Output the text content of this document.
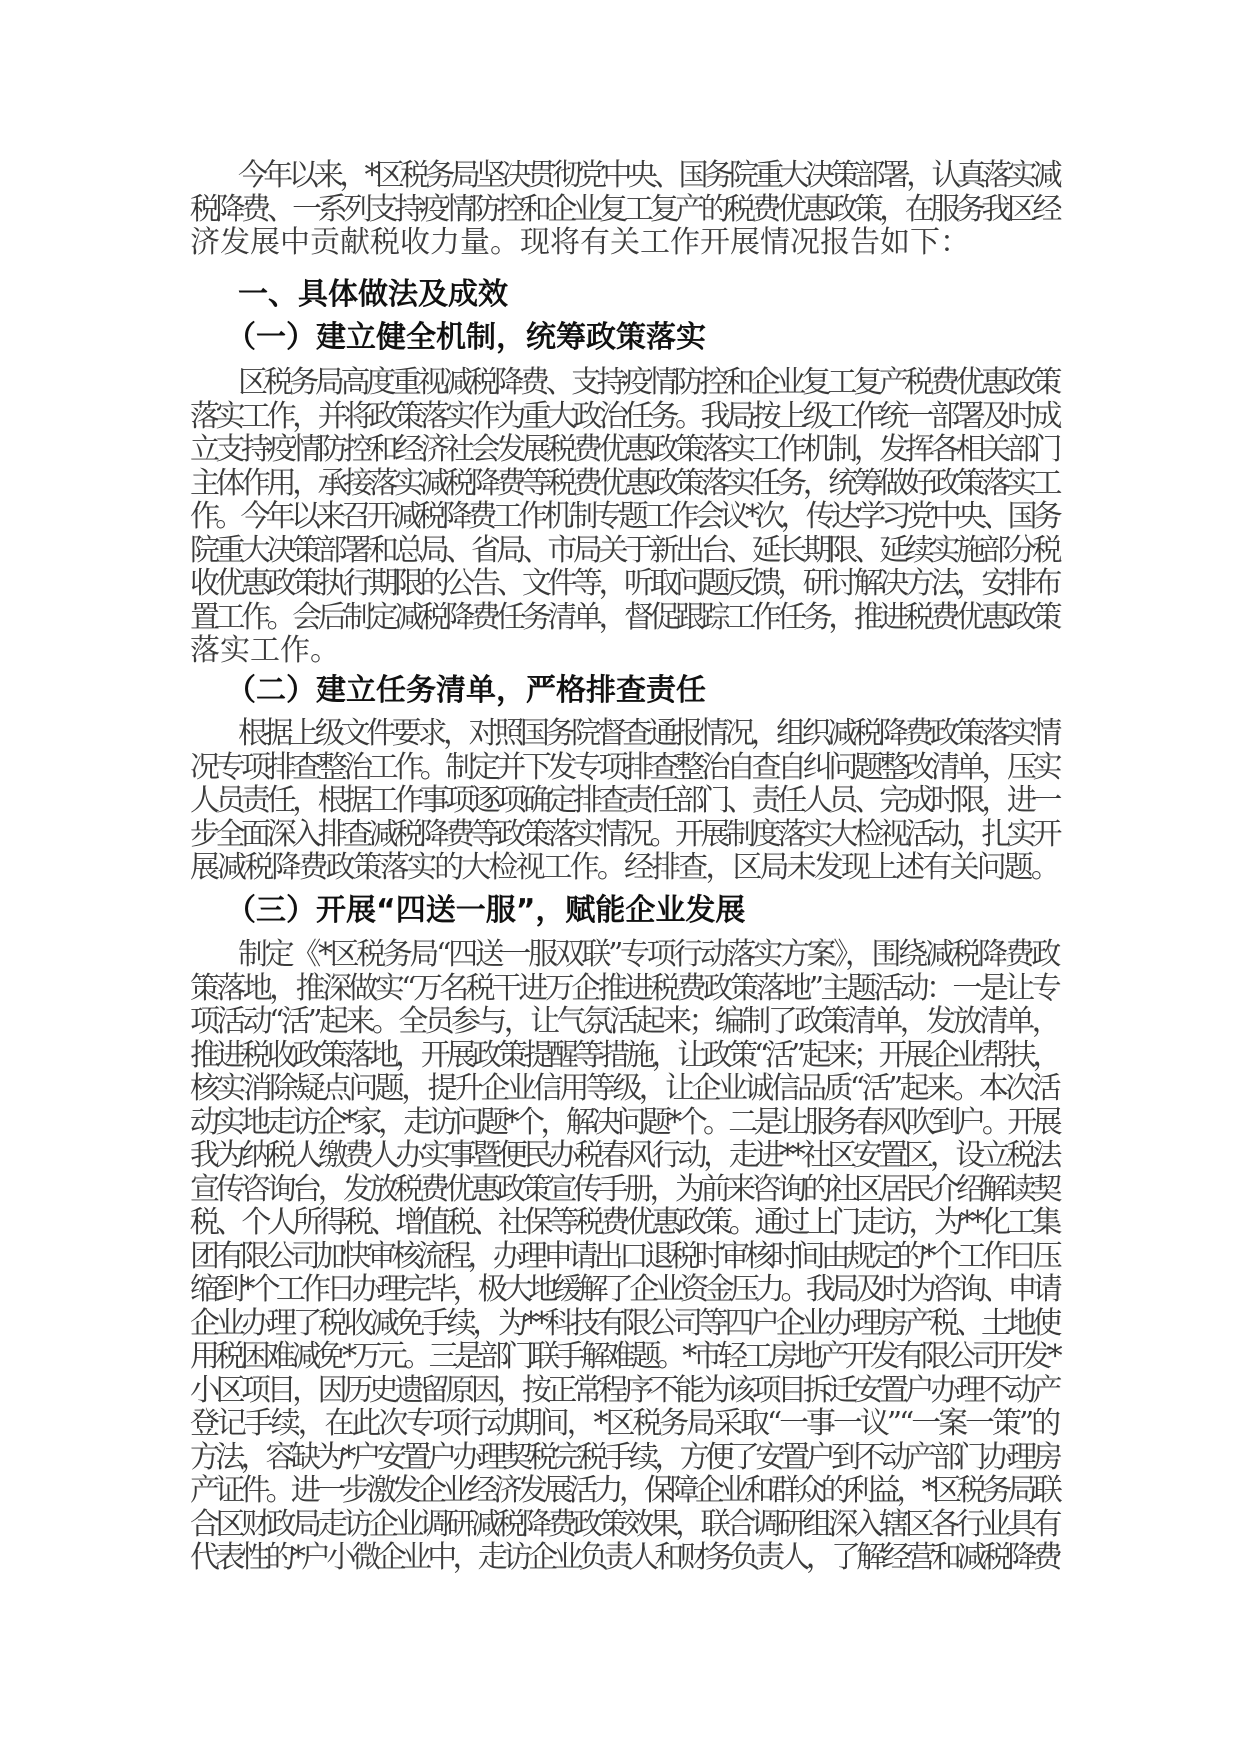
今年以来，*区税务局坚决贯彻党中央、国务院重大决策部署，认真落实减
税降费、一系列支持疫情防控和企业复工复产的税费优惠政策，在服务我区经
济发展中贡献税收力量。现将有关工作开展情况报告如下：
一、具体做法及成效
（一）建立健全机制，统筹政策落实
区税务局高度重视减税降费、支持疫情防控和企业复工复产税费优惠政策
落实工作，并将政策落实作为重大政治任务。我局按上级工作统一部署及时成
立支持疫情防控和经济社会发展税费优惠政策落实工作机制，发挥各相关部门
主体作用，承接落实减税降费等税费优惠政策落实任务，统筹做好政策落实工
作。今年以来召开减税降费工作机制专题工作会议*次，传达学习党中央、国务
院重大决策部署和总局、省局、市局关于新出台、延长期限、延续实施部分税
收优惠政策执行期限的公告、文件等，听取问题反馈，研讨解决方法，安排布
置工作。会后制定减税降费任务清单，督促跟踪工作任务，推进税费优惠政策
落实工作。
（二）建立任务清单，严格排查责任
根据上级文件要求，对照国务院督查通报情况，组织减税降费政策落实情
况专项排查整治工作。制定并下发专项排查整治自查自纠问题整改清单，压实
人员责任，根据工作事项逐项确定排查责任部门、责任人员、完成时限，进一
步全面深入排查减税降费等政策落实情况。开展制度落实大检视活动，扎实开
展减税降费政策落实的大检视工作。经排查，区局未发现上述有关问题。
（三）开展“四送一服”，赋能企业发展
制定《*区税务局“四送一服双联”专项行动落实方案》，围绕减税降费政
策落地，推深做实“万名税干进万企推进税费政策落地”主题活动：一是让专
项活动“活”起来。全员参与，让气氛活起来；编制了政策清单，发放清单，
推进税收政策落地，开展政策提醒等措施，让政策“活”起来；开展企业帮扶，
核实消除疑点问题，提升企业信用等级，让企业诚信品质“活”起来。本次活
动实地走访企*家，走访问题*个，解决问题*个。二是让服务春风吹到户。开展
我为纳税人缴费人办实事暨便民办税春风行动，走进**社区安置区，设立税法
宣传咨询台，发放税费优惠政策宣传手册，为前来咨询的社区居民介绍解读契
税、个人所得税、增值税、社保等税费优惠政策。通过上门走访，为**化工集
团有限公司加快审核流程，办理申请出口退税时审核时间由规定的*个工作日压
缩到*个工作日办理完毕，极大地缓解了企业资金压力。我局及时为咨询、申请
企业办理了税收减免手续，为**科技有限公司等四户企业办理房产税、土地使
用税困难减免*万元。三是部门联手解难题。*市轻工房地产开发有限公司开发*
小区项目，因历史遗留原因，按正常程序不能为该项目拆迁安置户办理不动产
登记手续，在此次专项行动期间，*区税务局采取“一事一议”“一案一策”的
方法，容缺为*户安置户办理契税完税手续，方便了安置户到不动产部门办理房
产证件。进一步激发企业经济发展活力，保障企业和群众的利益，*区税务局联
合区财政局走访企业调研减税降费政策效果，联合调研组深入辖区各行业具有
代表性的*户小微企业中，走访企业负责人和财务负责人，了解经营和减税降费
